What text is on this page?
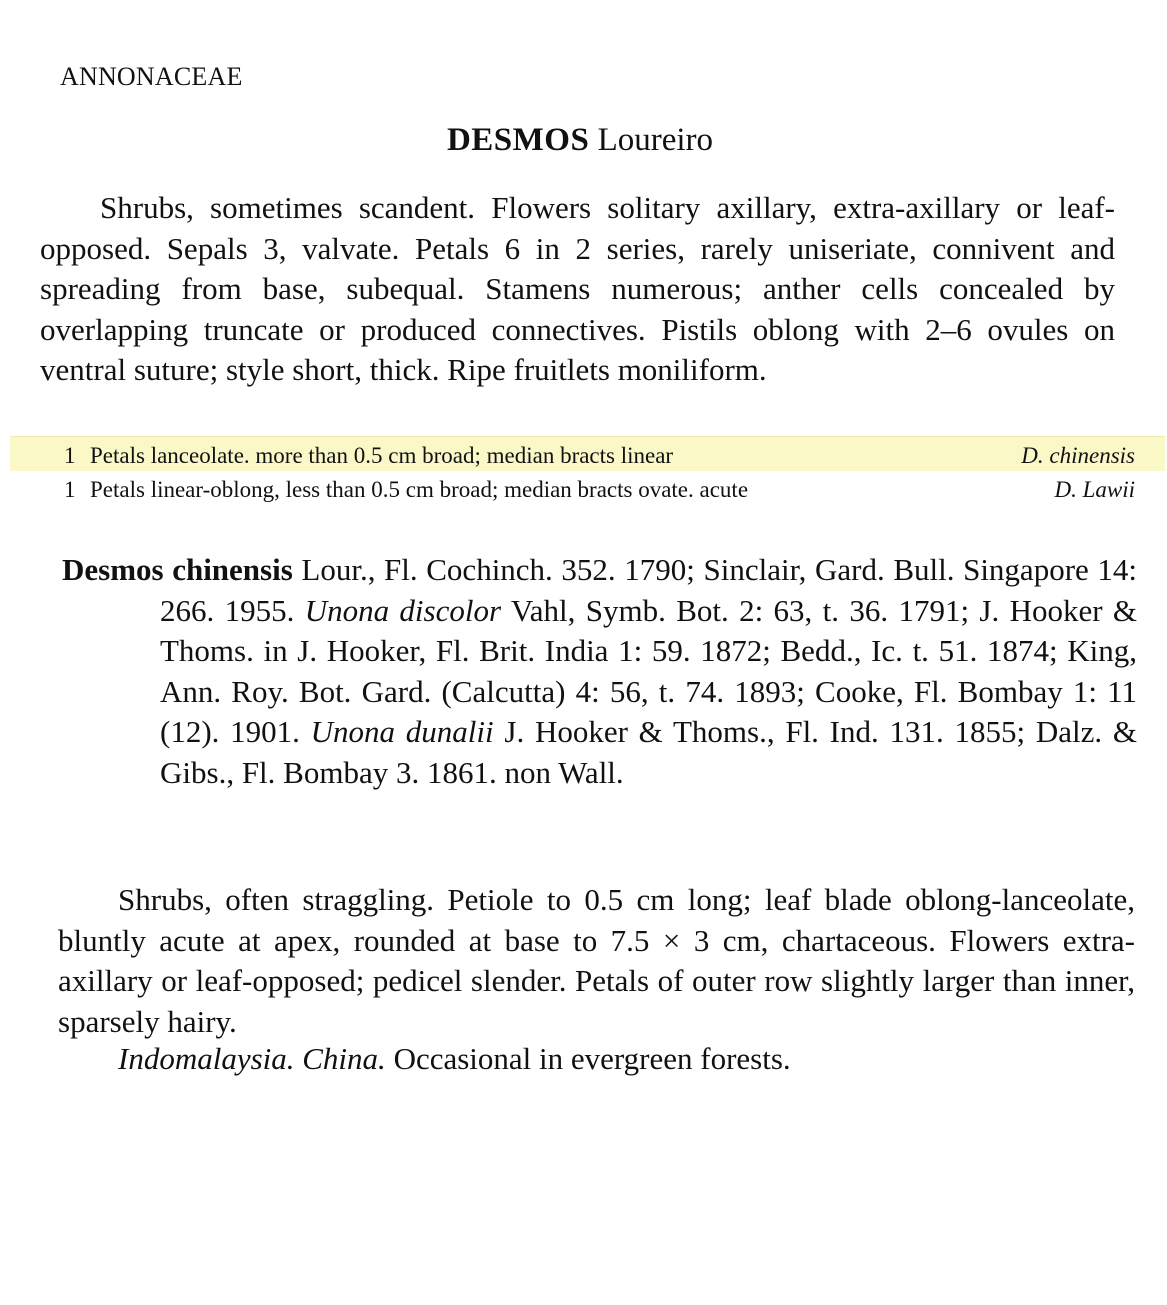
ANNONACEAE
DESMOS Loureiro

Shrubs, sometimes scandent. Flowers solitary axillary, extra-axillary or leaf-opposed. Sepals 3, valvate. Petals 6 in 2 series, rarely uniseriate, connivent and spreading from base, subequal. Stamens numerous; anther cells concealed by overlapping truncate or produced connectives. Pistils oblong with 2–6 ovules on ventral suture; style short, thick. Ripe fruitlets moniliform.

1 Petals lanceolate. more than 0.5 cm broad; median bracts linear	D. chinensis
1 Petals linear-oblong, less than 0.5 cm broad; median bracts ovate. acute	D. Lawii

Desmos chinensis Lour., Fl. Cochinch. 352. 1790; Sinclair, Gard. Bull. Singapore 14: 266. 1955. Unona discolor Vahl, Symb. Bot. 2: 63, t. 36. 1791; J. Hooker & Thoms. in J. Hooker, Fl. Brit. India 1: 59. 1872; Bedd., Ic. t. 51. 1874; King, Ann. Roy. Bot. Gard. (Calcutta) 4: 56, t. 74. 1893; Cooke, Fl. Bombay 1: 11 (12). 1901. Unona dunalii J. Hooker & Thoms., Fl. Ind. 131. 1855; Dalz. & Gibs., Fl. Bombay 3. 1861. non Wall.

Shrubs, often straggling. Petiole to 0.5 cm long; leaf blade oblong-lanceolate, bluntly acute at apex, rounded at base to 7.5 × 3 cm, chartaceous. Flowers extra-axillary or leaf-opposed; pedicel slender. Petals of outer row slightly larger than inner, sparsely hairy.

Indomalaysia. China. Occasional in evergreen forests.
